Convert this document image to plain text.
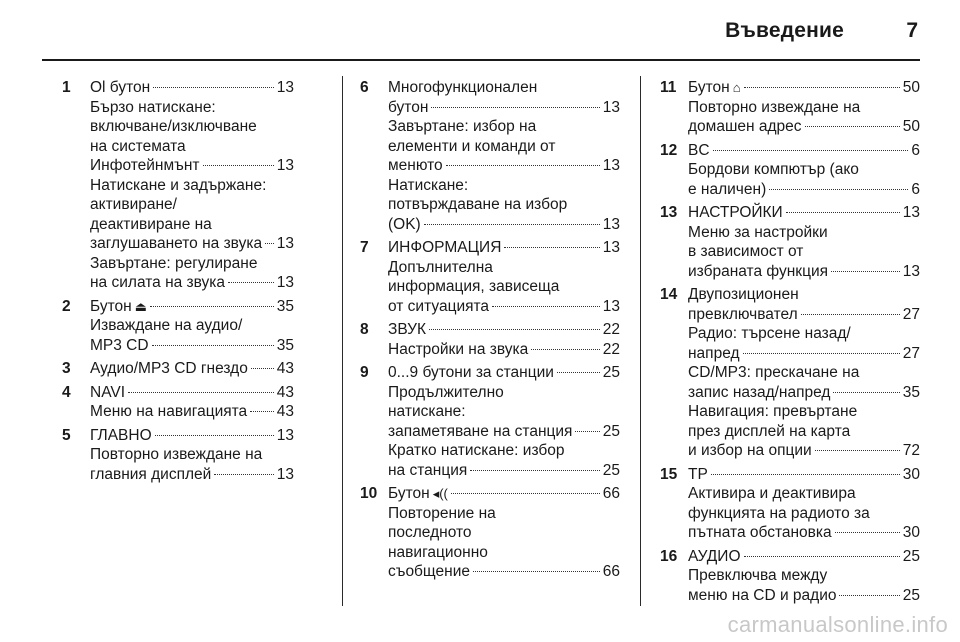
Въведение	7
1 Ol бутон	13
Бързо натискане:
включване/изключване
на системата
Инфотейнмънт	13
Натискане и задържане:
активиране/
деактивиране на
заглушаването на звука 13
Завъртане: регулиране
на силата на звука	13
2 Бутон ⏏	35
Изваждане на аудио/
MP3 CD	35
3 Аудио/MP3 CD гнездо 43
4 NAVI	43
Меню на навигацията 43
5 ГЛАВНО	13
Повторно извеждане на
главния дисплей	13
6 Многофункционален
бутон	13
Завъртане: избор на
елементи и команди от
менюто	13
Натискане:
потвърждаване на избор
(OK)	13
7 ИНФОРМАЦИЯ	13
Допълнителна
информация, зависеща
от ситуацията	13
8 ЗВУК	22
Настройки на звука	22
9 0...9 бутони за станции	25
Продължително
натискане:
запаметяване на станция 25
Кратко натискане: избор
на станция	25
10 Бутон ◂((	66
Повторение на
последното
навигационно
съобщение	66
11 Бутон ⌂	50
Повторно извеждане на
домашен адрес	50
12 BC	6
Бордови компютър (ако
е наличен)	6
13 НАСТРОЙКИ	13
Меню за настройки
в зависимост от
избраната функция	13
14 Двупозиционен
превключвател	27
Радио: търсене назад/
напред	27
CD/MP3: прескачане на
запис назад/напред	35
Навигация: превъртане
през дисплей на карта
и избор на опции	72
15 TP	30
Активира и деактивира
функцията на радиото за
пътната обстановка	30
16 АУДИО	25
Превключва между
меню на CD и радио	25
carmanualsonline.info
